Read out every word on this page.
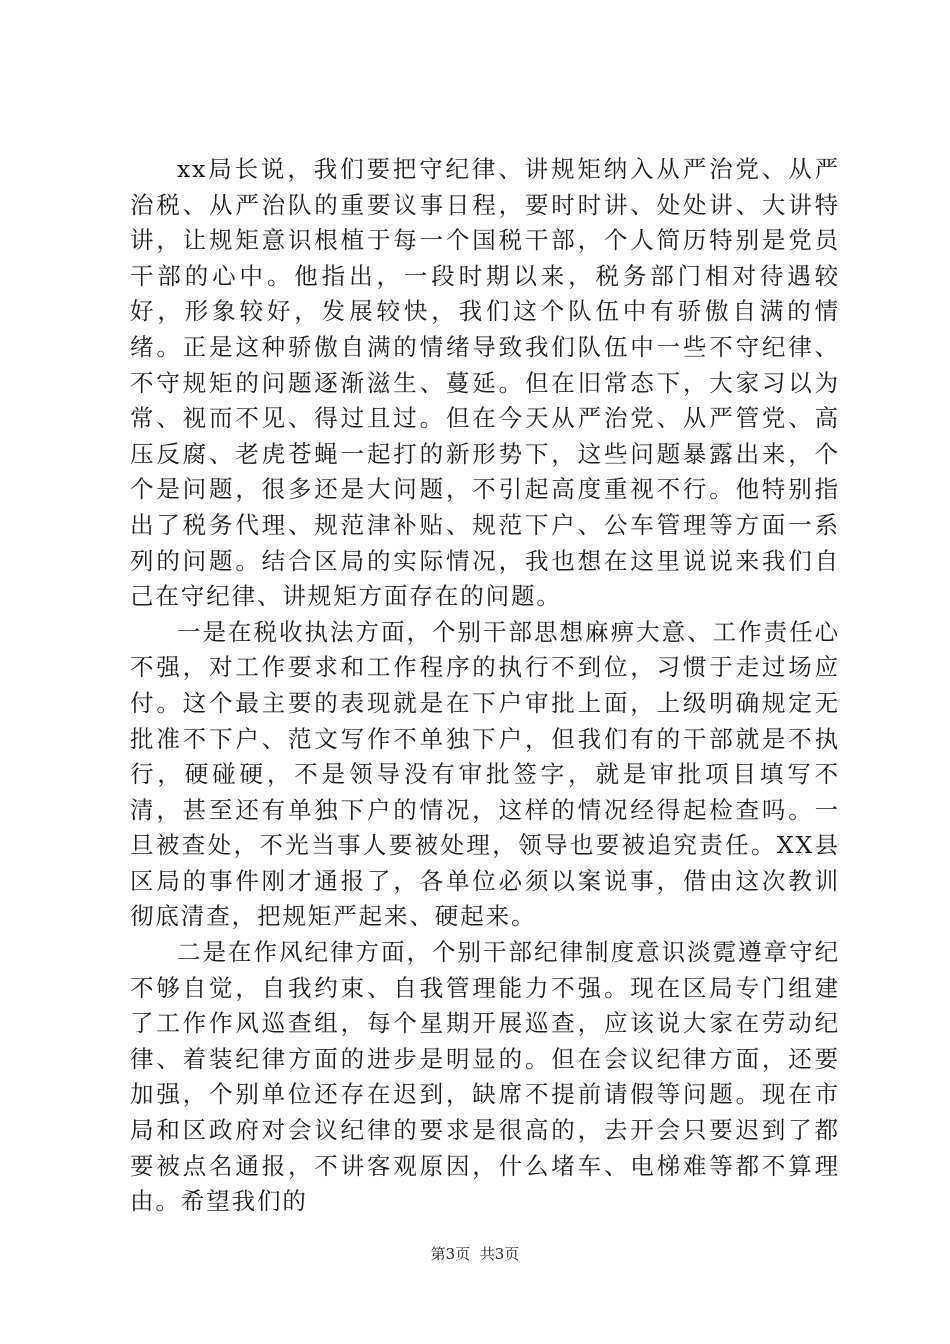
xx局长说，我们要把守纪律、讲规矩纳入从严治党、从严治税、从严治队的重要议事日程，要时时讲、处处讲、大讲特讲，让规矩意识根植于每一个国税干部，个人简历特别是党员干部的心中。他指出，一段时期以来，税务部门相对待遇较好，形象较好，发展较快，我们这个队伍中有骄傲自满的情绪。正是这种骄傲自满的情绪导致我们队伍中一些不守纪律、不守规矩的问题逐渐滋生、蔓延。但在旧常态下，大家习以为常、视而不见、得过且过。但在今天从严治党、从严管党、高压反腐、老虎苍蝇一起打的新形势下，这些问题暴露出来，个个是问题，很多还是大问题，不引起高度重视不行。他特别指出了税务代理、规范津补贴、规范下户、公车管理等方面一系列的问题。结合区局的实际情况，我也想在这里说说来我们自己在守纪律、讲规矩方面存在的问题。

一是在税收执法方面，个别干部思想麻痹大意、工作责任心不强，对工作要求和工作程序的执行不到位，习惯于走过场应付。这个最主要的表现就是在下户审批上面，上级明确规定无批准不下户、范文写作不单独下户，但我们有的干部就是不执行，硬碰硬，不是领导没有审批签字，就是审批项目填写不清，甚至还有单独下户的情况，这样的情况经得起检查吗。一旦被查处，不光当事人要被处理，领导也要被追究责任。XX县区局的事件刚才通报了，各单位必须以案说事，借由这次教训彻底清查，把规矩严起来、硬起来。

二是在作风纪律方面，个别干部纪律制度意识淡霓遵章守纪不够自觉，自我约束、自我管理能力不强。现在区局专门组建了工作作风巡查组，每个星期开展巡查，应该说大家在劳动纪律、着装纪律方面的进步是明显的。但在会议纪律方面，还要加强，个别单位还存在迟到，缺席不提前请假等问题。现在市局和区政府对会议纪律的要求是很高的，去开会只要迟到了都要被点名通报，不讲客观原因，什么堵车、电梯难等都不算理由。希望我们的

第3页 共3页
